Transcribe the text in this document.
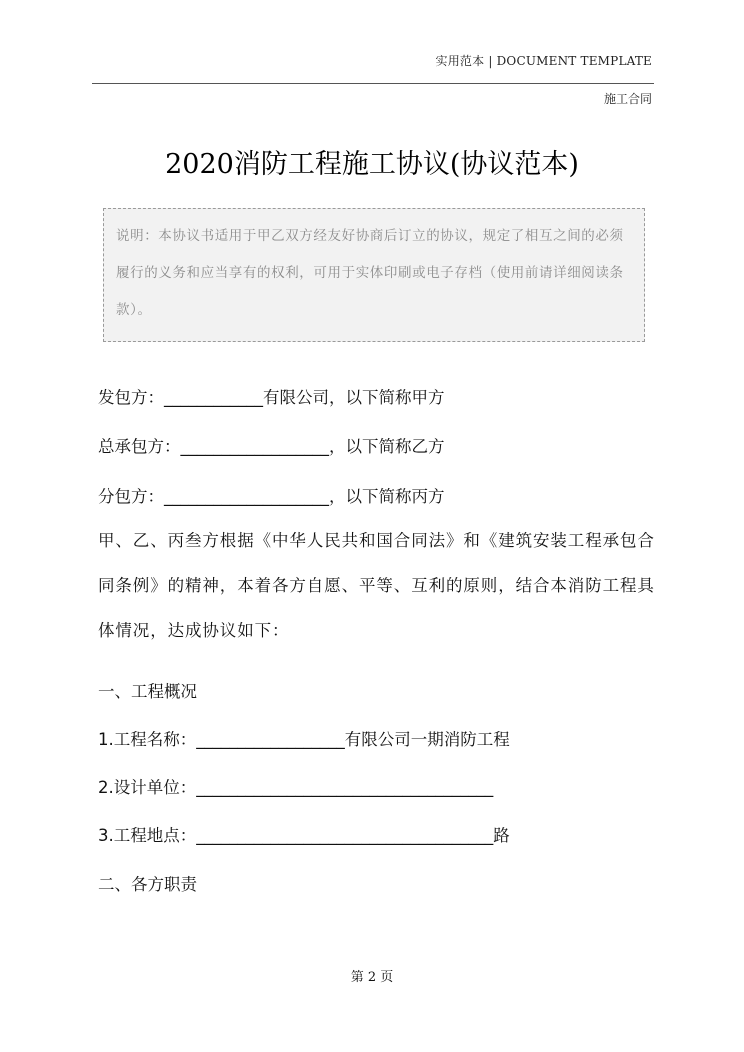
实用范本 | DOCUMENT TEMPLATE
施工合同
2020消防工程施工协议(协议范本)
说明：本协议书适用于甲乙双方经友好协商后订立的协议，规定了相互之间的必须履行的义务和应当享有的权利，可用于实体印刷或电子存档（使用前请详细阅读条款）。
发包方：____________有限公司，以下简称甲方
总承包方：__________________，以下简称乙方
分包方：____________________，以下简称丙方
甲、乙、丙叁方根据《中华人民共和国合同法》和《建筑安装工程承包合同条例》的精神，本着各方自愿、平等、互利的原则，结合本消防工程具体情况，达成协议如下：
一、工程概况
1.工程名称：__________________有限公司一期消防工程
2.设计单位：____________________________________
3.工程地点：____________________________________路
二、各方职责
第 2 页
